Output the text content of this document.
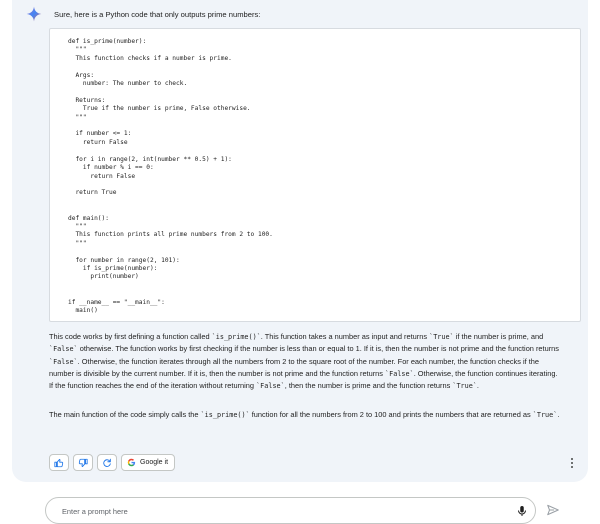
Sure, here is a Python code that only outputs prime numbers:
def is_prime(number):
"""
This function checks if a number is prime.

Args:
number: The number to check.

Returns:
True if the number is prime, False otherwise.
"""

if number <= 1:
return False

for i in range(2, int(number ** 0.5) + 1):
if number % i == 0:
return False

return True

def main():
"""
This function prints all prime numbers from 2 to 100.
"""

for number in range(2, 101):
if is_prime(number):
print(number)

if __name__ == "__main__":
main()
This code works by first defining a function called `is_prime()`. This function takes a number as input and returns `True` if the number is prime, and `False` otherwise. The function works by first checking if the number is less than or equal to 1. If it is, then the number is not prime and the function returns `False`. Otherwise, the function iterates through all the numbers from 2 to the square root of the number. For each number, the function checks if the number is divisible by the current number. If it is, then the number is not prime and the function returns `False`. Otherwise, the function continues iterating. If the function reaches the end of the iteration without returning `False`, then the number is prime and the function returns `True`.
The main function of the code simply calls the `is_prime()` function for all the numbers from 2 to 100 and prints the numbers that are returned as `True`.
Google it
Enter a prompt here
